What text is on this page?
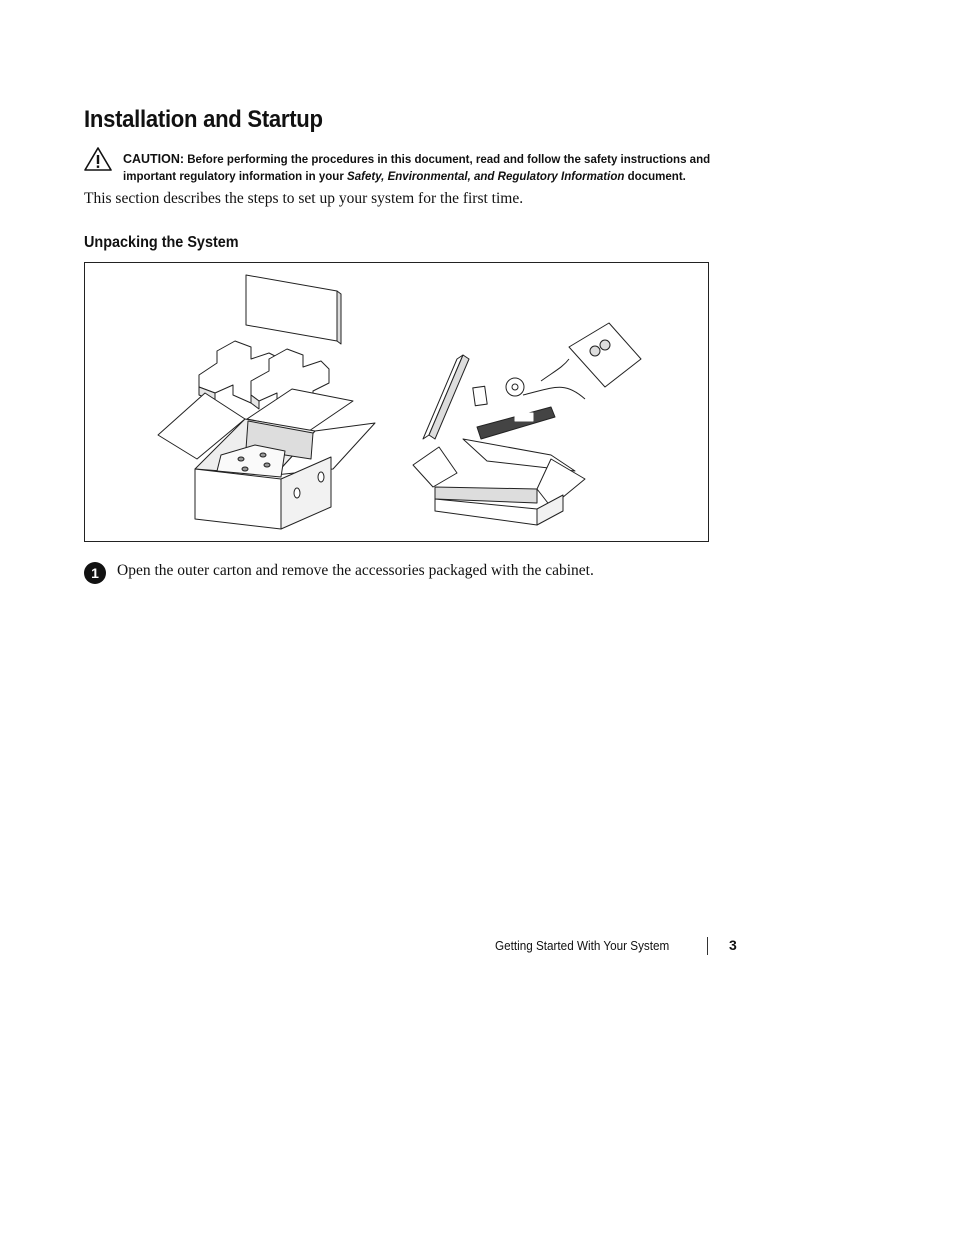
Installation and Startup
CAUTION: Before performing the procedures in this document, read and follow the safety instructions and important regulatory information in your Safety, Environmental, and Regulatory Information document.
This section describes the steps to set up your system for the first time.
Unpacking the System
1	Open the outer carton and remove the accessories packaged with the cabinet.
Getting Started With Your System	3
